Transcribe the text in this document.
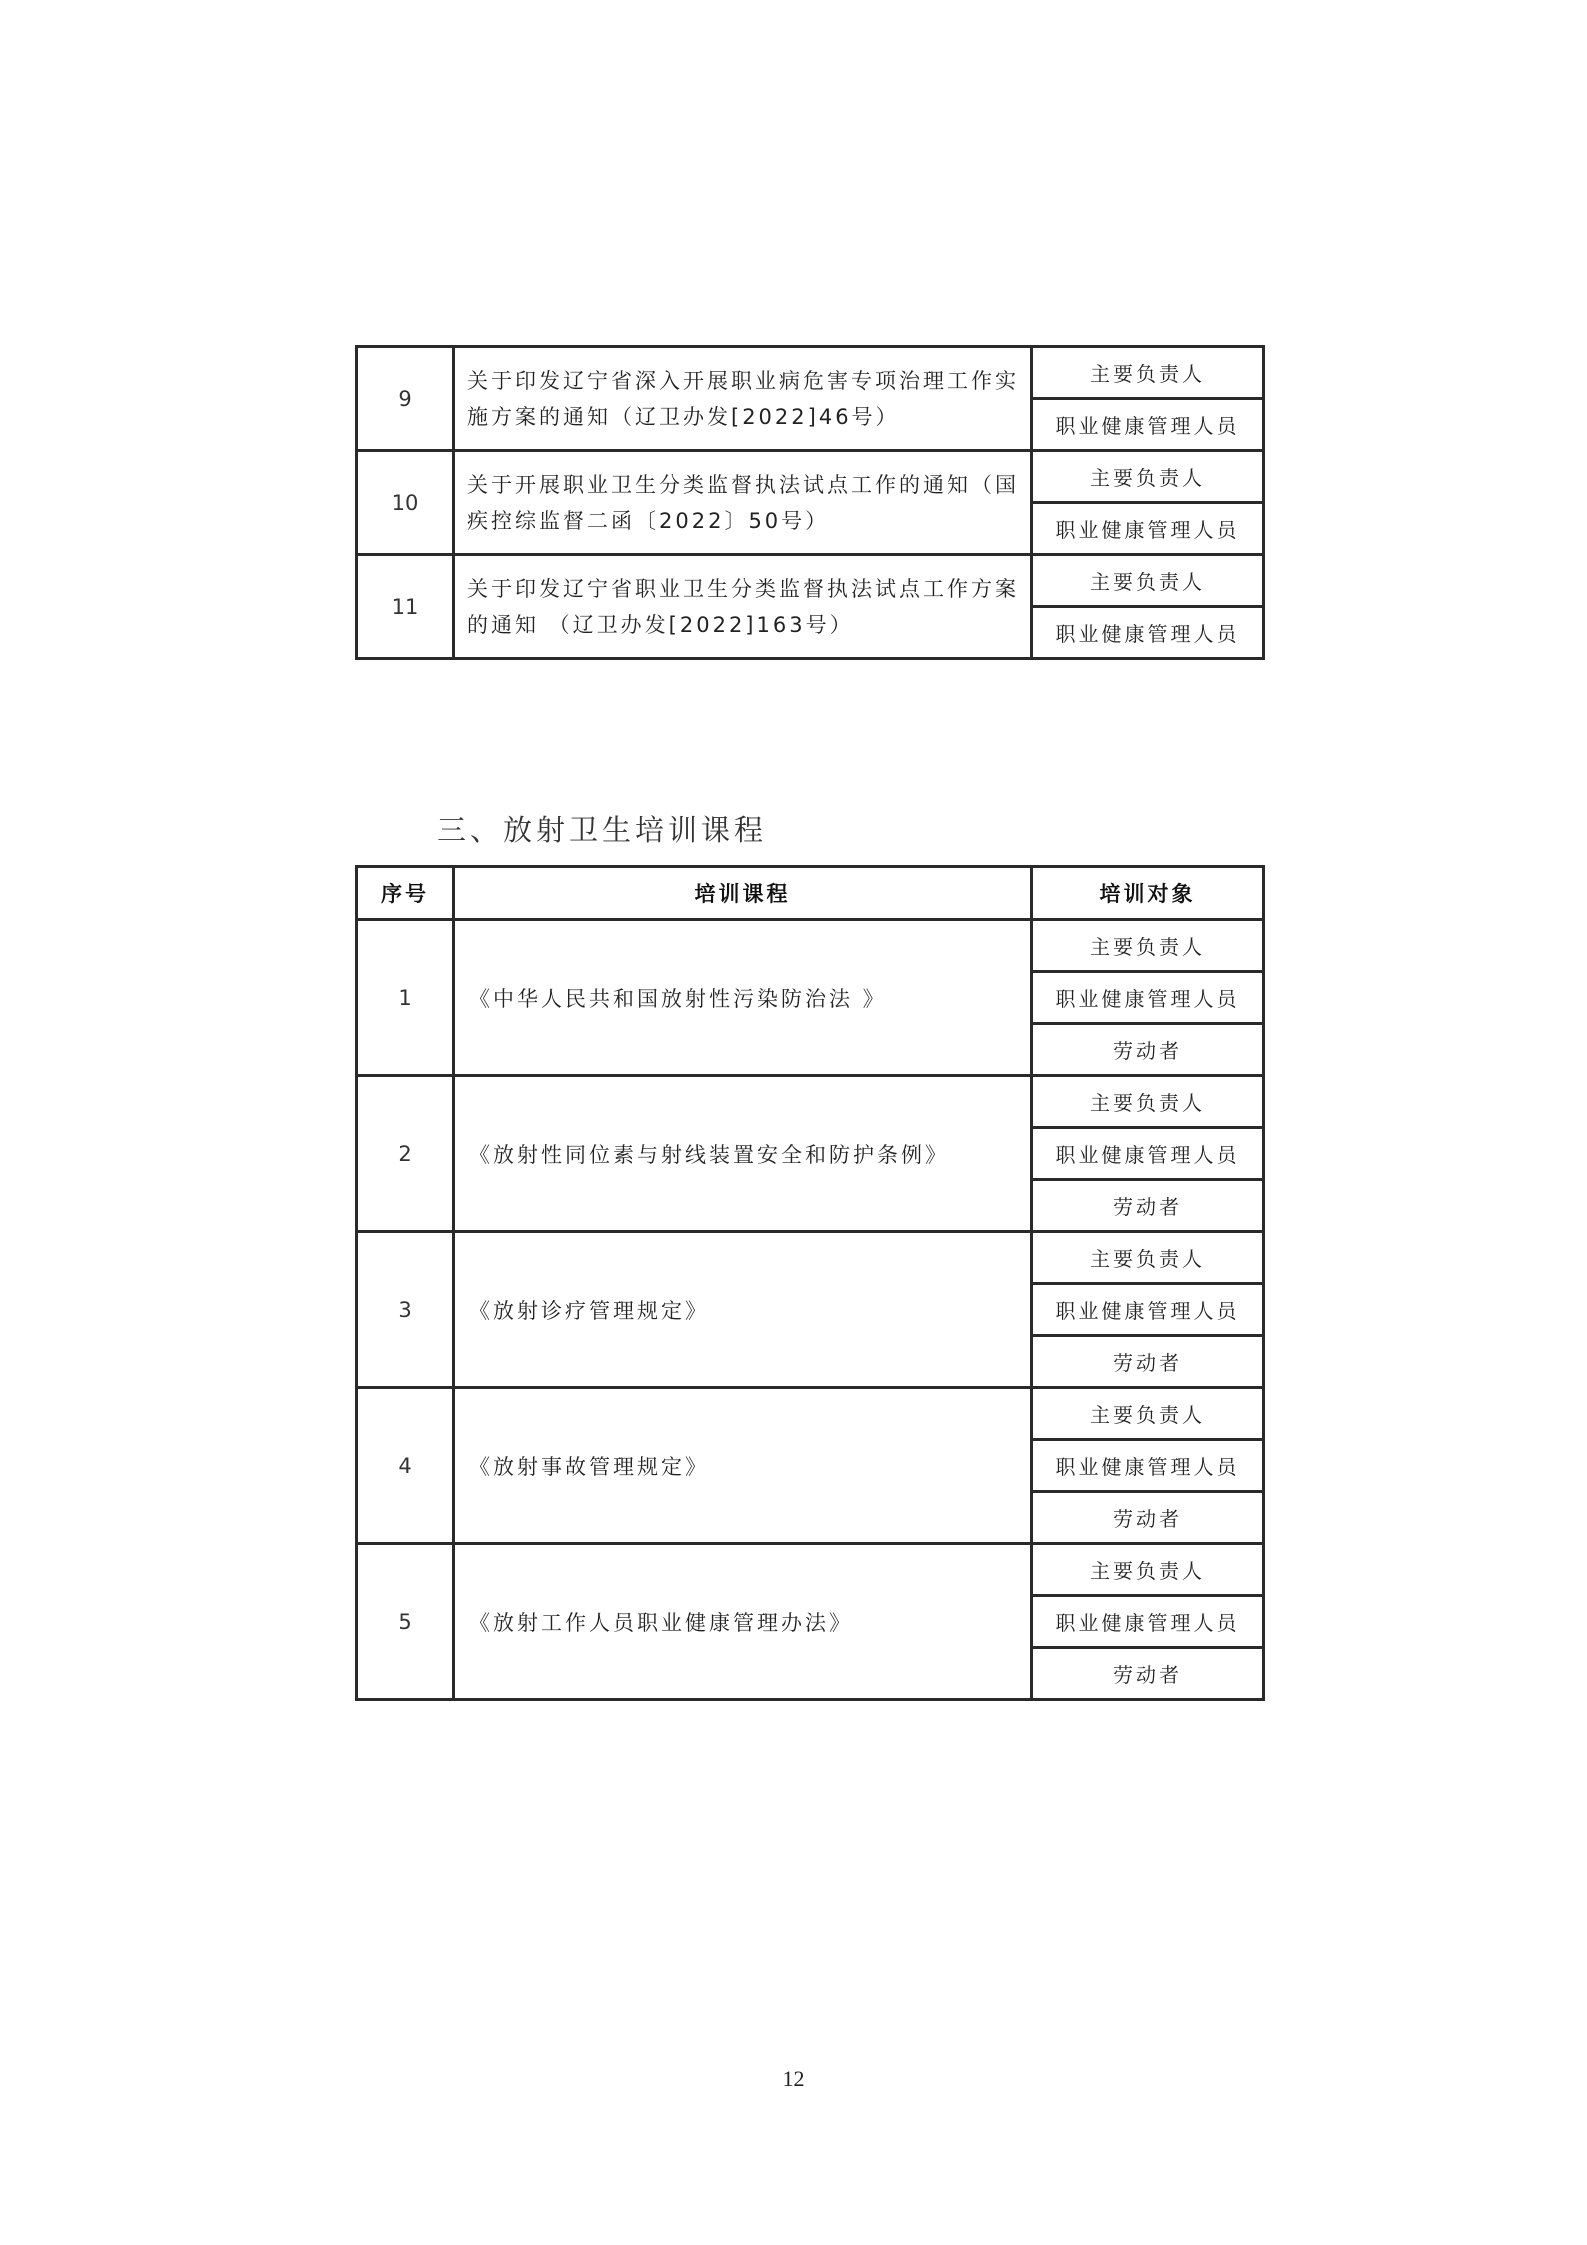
9	关于印发辽宁省深入开展职业病危害专项治理工作实施方案的通知（辽卫办发[2022]46号）	主要负责人
		职业健康管理人员
10	关于开展职业卫生分类监督执法试点工作的通知（国疾控综监督二函〔2022〕50号）	主要负责人
		职业健康管理人员
11	关于印发辽宁省职业卫生分类监督执法试点工作方案的通知 （辽卫办发[2022]163号）	主要负责人
		职业健康管理人员
三、放射卫生培训课程
序号	培训课程	培训对象
1	《中华人民共和国放射性污染防治法 》	主要负责人
		职业健康管理人员
		劳动者
2	《放射性同位素与射线装置安全和防护条例》	主要负责人
		职业健康管理人员
		劳动者
3	《放射诊疗管理规定》	主要负责人
		职业健康管理人员
		劳动者
4	《放射事故管理规定》	主要负责人
		职业健康管理人员
		劳动者
5	《放射工作人员职业健康管理办法》	主要负责人
		职业健康管理人员
		劳动者
12
